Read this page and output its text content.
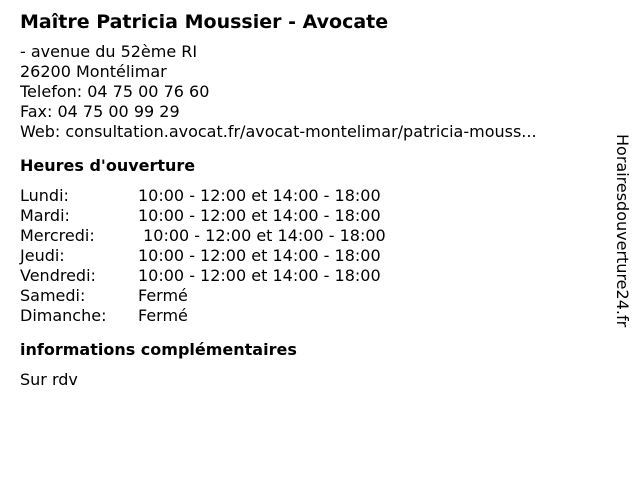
Maître Patricia Moussier - Avocate
- avenue du 52ème RI
26200 Montélimar
Telefon: 04 75 00 76 60
Fax: 04 75 00 99 29
Web: consultation.avocat.fr/avocat-montelimar/patricia-mouss...
Heures d'ouverture
Lundi:	10:00 - 12:00 et 14:00 - 18:00
Mardi:	10:00 - 12:00 et 14:00 - 18:00
Mercredi:	10:00 - 12:00 et 14:00 - 18:00
Jeudi:	10:00 - 12:00 et 14:00 - 18:00
Vendredi:	10:00 - 12:00 et 14:00 - 18:00
Samedi:	Fermé
Dimanche:	Fermé
informations complémentaires
Sur rdv
Horairesdouverture24.fr
